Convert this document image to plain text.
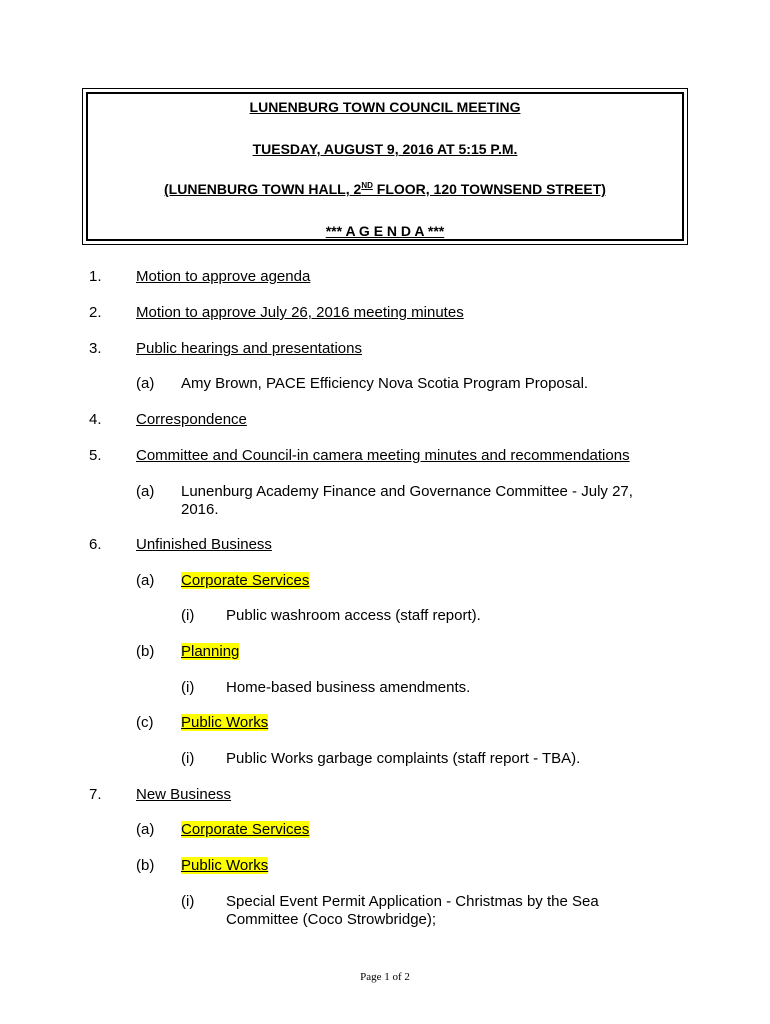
LUNENBURG TOWN COUNCIL MEETING
TUESDAY, AUGUST 9, 2016 AT 5:15 P.M.
(LUNENBURG TOWN HALL, 2ND FLOOR, 120 TOWNSEND STREET)
*** A G E N D A ***
1. Motion to approve agenda
2. Motion to approve July 26, 2016 meeting minutes
3. Public hearings and presentations
(a) Amy Brown, PACE Efficiency Nova Scotia Program Proposal.
4. Correspondence
5. Committee and Council-in camera meeting minutes and recommendations
(a) Lunenburg Academy Finance and Governance Committee - July 27,
2016.
6. Unfinished Business
(a) Corporate Services
(i) Public washroom access (staff report).
(b) Planning
(i) Home-based business amendments.
(c) Public Works
(i) Public Works garbage complaints (staff report - TBA).
7. New Business
(a) Corporate Services
(b) Public Works
(i) Special Event Permit Application - Christmas by the Sea
Committee (Coco Strowbridge);
Page 1 of 2
